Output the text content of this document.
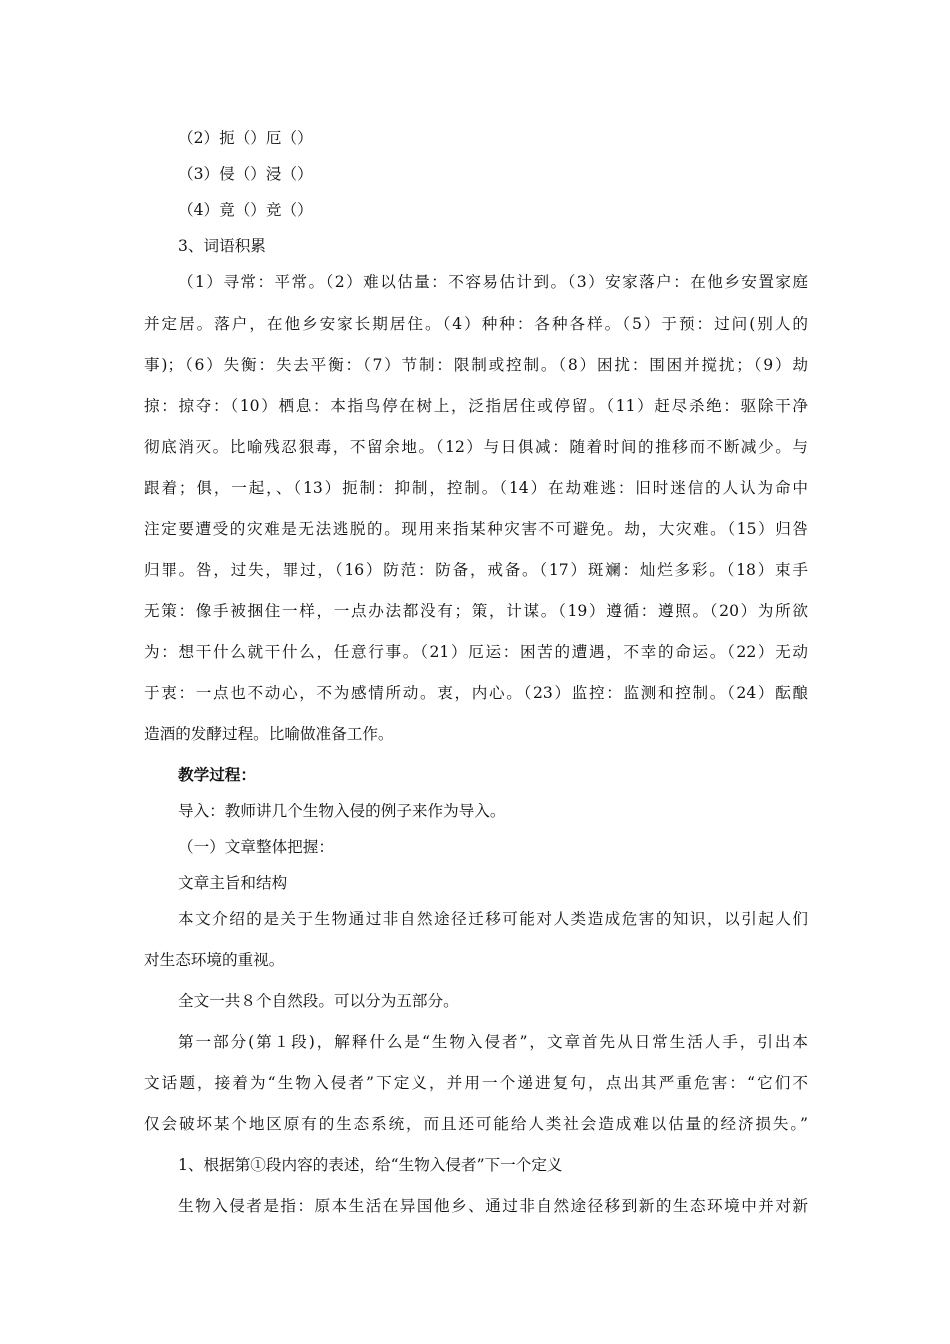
（2）扼（）厄（）
（3）侵（）浸（）
（4）竟（）竞（）
3、词语积累
（1）寻常：平常。（2）难以估量：不容易估计到。（3）安家落户：在他乡安置家庭
并定居。落户，在他乡安家长期居住。（4）种种：各种各样。（5）于预：过问(别人的
事)；（6）失衡：失去平衡：（7）节制：限制或控制。（8）困扰：围困并搅扰；（9）劫
掠：掠夺：（10）栖息：本指鸟停在树上，泛指居住或停留。（11）赶尽杀绝：驱除干净
彻底消灭。比喻残忍狠毒，不留余地。（12）与日俱减：随着时间的推移而不断减少。与
跟着；俱，一起，、（13）扼制：抑制，控制。（14）在劫难逃：旧时迷信的人认为命中
注定要遭受的灾难是无法逃脱的。现用来指某种灾害不可避免。劫，大灾难。（15）归咎
归罪。咎，过失，罪过，（16）防范：防备，戒备。（17）斑斓：灿烂多彩。（18）束手
无策：像手被捆住一样，一点办法都没有；策，计谋。（19）遵循：遵照。（20）为所欲
为：想干什么就干什么，任意行事。（21）厄运：困苦的遭遇，不幸的命运。（22）无动
于衷：一点也不动心，不为感情所动。衷，内心。（23）监控：监测和控制。（24）酝酿
造酒的发酵过程。比喻做准备工作。
教学过程：
导入：教师讲几个生物入侵的例子来作为导入。
（一）文章整体把握：
文章主旨和结构
本文介绍的是关于生物通过非自然途径迁移可能对人类造成危害的知识，以引起人们
对生态环境的重视。
全文一共８个自然段。可以分为五部分。
第一部分(第１段)，解释什么是“生物入侵者”，文章首先从日常生活人手，引出本
文话题，接着为“生物入侵者”下定义，并用一个递进复句，点出其严重危害：“它们不
仅会破坏某个地区原有的生态系统，而且还可能给人类社会造成难以估量的经济损失。”
1、根据第①段内容的表述，给“生物入侵者”下一个定义
生物入侵者是指：原本生活在异国他乡、通过非自然途径移到新的生态环境中并对新
